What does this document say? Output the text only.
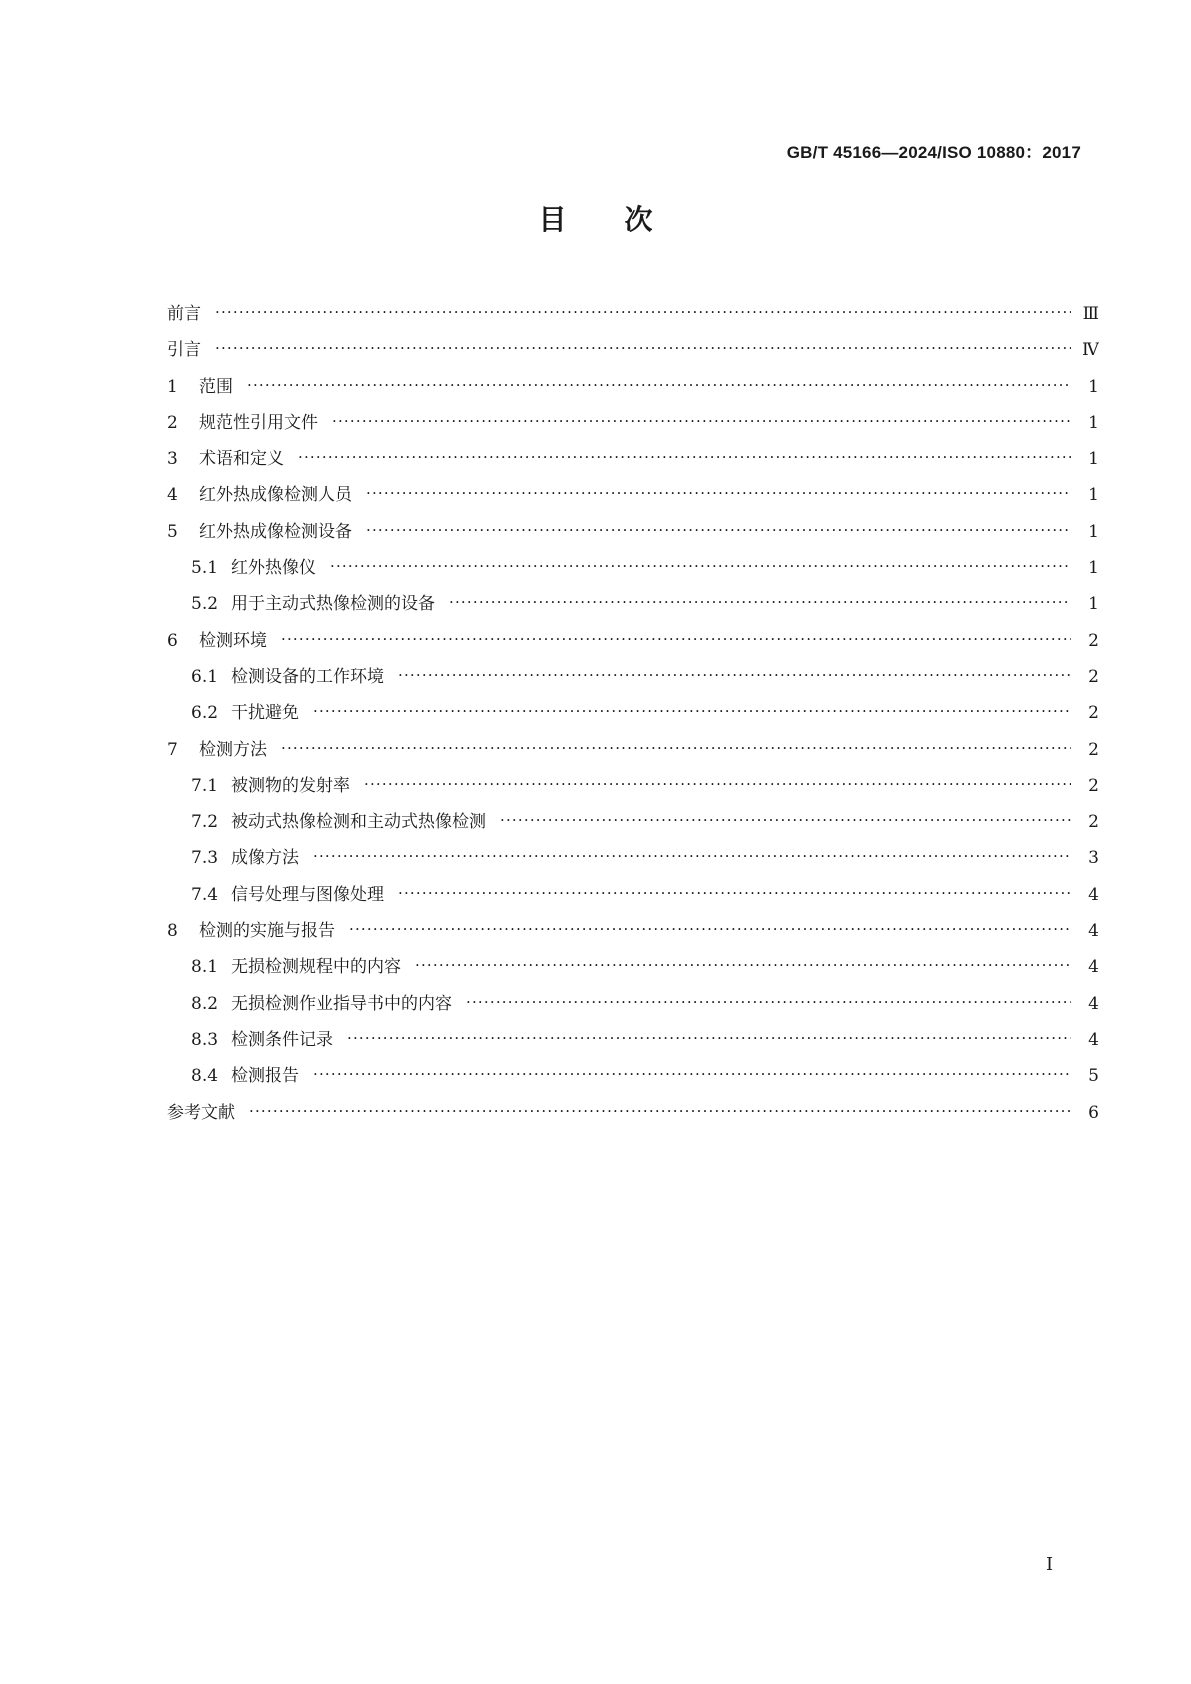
GB/T 45166—2024/ISO 10880：2017
目次
前言 ·····	Ⅲ
引言 ·····	Ⅳ
1	范围 ·····	1
2	规范性引用文件 ·····	1
3	术语和定义 ·····	1
4	红外热成像检测人员 ·····	1
5	红外热成像检测设备 ·····	1
5.1 红外热像仪 ·····	1
5.2 用于主动式热像检测的设备 ·····	1
6	检测环境 ·····	2
6.1 检测设备的工作环境 ·····	2
6.2 干扰避免 ·····	2
7	检测方法 ·····	2
7.1 被测物的发射率 ·····	2
7.2 被动式热像检测和主动式热像检测 ·····	2
7.3 成像方法 ·····	3
7.4 信号处理与图像处理 ·····	4
8	检测的实施与报告 ·····	4
8.1 无损检测规程中的内容 ·····	4
8.2 无损检测作业指导书中的内容 ·····	4
8.3 检测条件记录 ·····	4
8.4 检测报告 ·····	5
参考文献 ·····	6
Ⅰ
